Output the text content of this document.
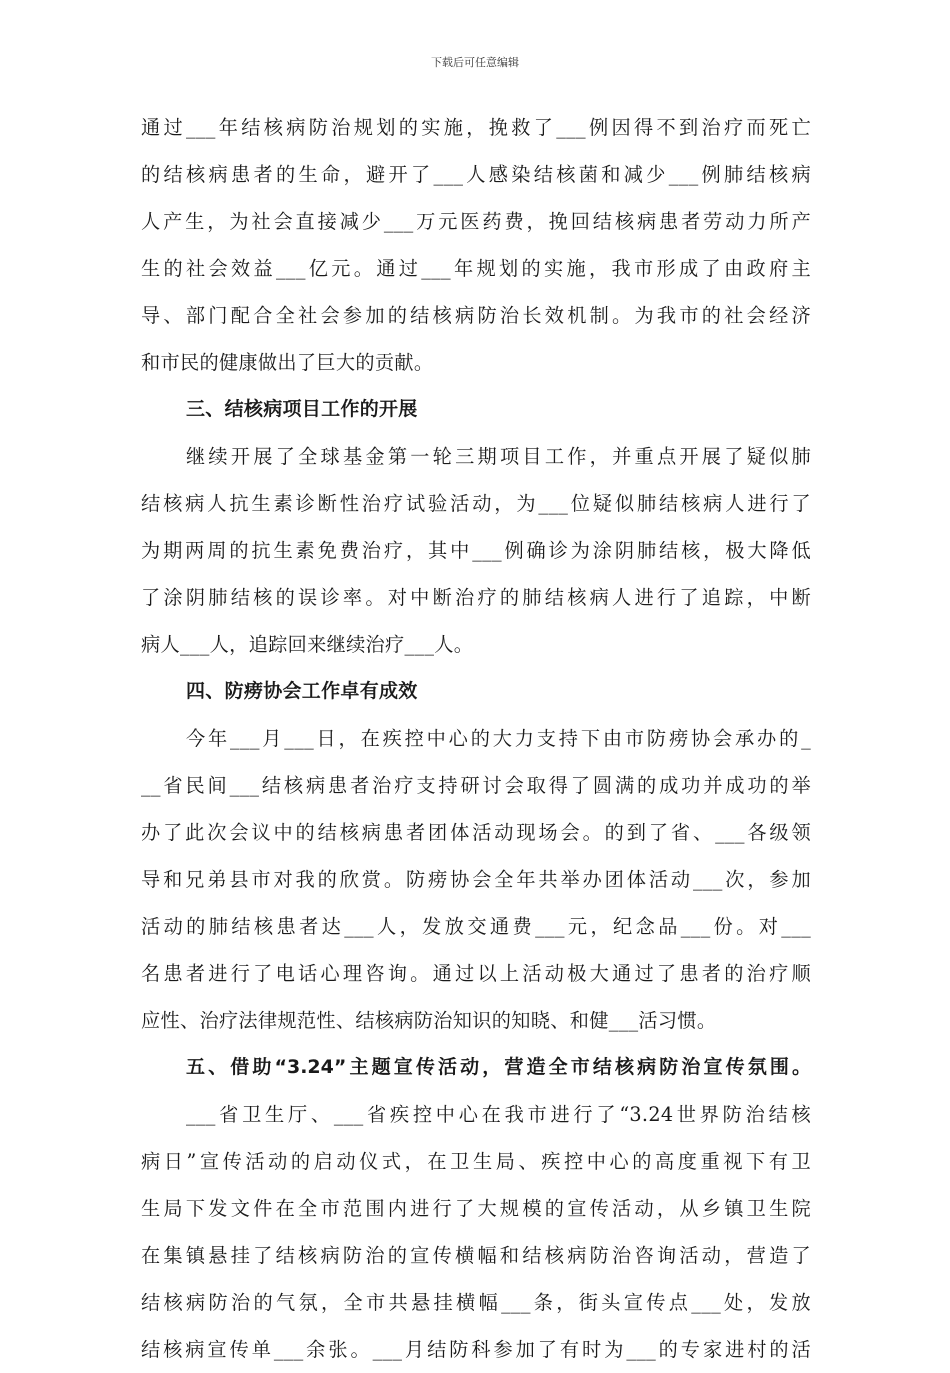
下载后可任意编辑
通过___年结核病防治规划的实施，挽救了___例因得不到治疗而死亡
的结核病患者的生命，避开了___人感染结核菌和减少___例肺结核病
人产生，为社会直接减少___万元医药费，挽回结核病患者劳动力所产
生的社会效益___亿元。通过___年规划的实施，我市形成了由政府主
导、部门配合全社会参加的结核病防治长效机制。为我市的社会经济
和市民的健康做出了巨大的贡献。
三、结核病项目工作的开展
继续开展了全球基金第一轮三期项目工作，并重点开展了疑似肺
结核病人抗生素诊断性治疗试验活动，为___位疑似肺结核病人进行了
为期两周的抗生素免费治疗，其中___例确诊为涂阴肺结核，极大降低
了涂阴肺结核的误诊率。对中断治疗的肺结核病人进行了追踪，中断
病人___人，追踪回来继续治疗___人。
四、防痨协会工作卓有成效
今年___月___日，在疾控中心的大力支持下由市防痨协会承办的_
__省民间___结核病患者治疗支持研讨会取得了圆满的成功并成功的举
办了此次会议中的结核病患者团体活动现场会。的到了省、___各级领
导和兄弟县市对我的欣赏。防痨协会全年共举办团体活动___次，参加
活动的肺结核患者达___人，发放交通费___元，纪念品___份。对___
名患者进行了电话心理咨询。通过以上活动极大通过了患者的治疗顺
应性、治疗法律规范性、结核病防治知识的知晓、和健___活习惯。
五、借助“3.24”主题宣传活动，营造全市结核病防治宣传氛围。
___省卫生厅、___省疾控中心在我市进行了“3.24世界防治结核
病日”宣传活动的启动仪式，在卫生局、疾控中心的高度重视下有卫
生局下发文件在全市范围内进行了大规模的宣传活动，从乡镇卫生院
在集镇悬挂了结核病防治的宣传横幅和结核病防治咨询活动，营造了
结核病防治的气氛，全市共悬挂横幅___条，街头宣传点___处，发放
结核病宣传单___余张。___月结防科参加了有时为___的专家进村的活
